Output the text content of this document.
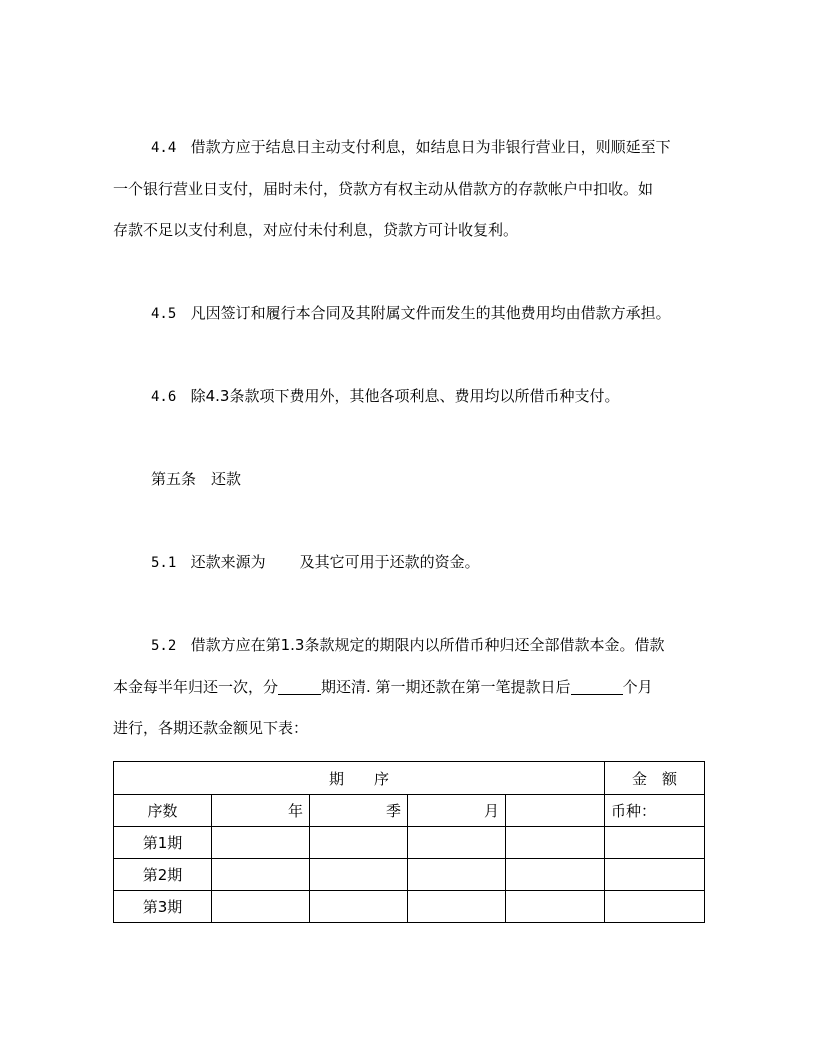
4.4 借款方应于结息日主动支付利息，如结息日为非银行营业日，则顺延至下
一个银行营业日支付，届时未付，贷款方有权主动从借款方的存款帐户中扣收。如
存款不足以支付利息，对应付未付利息，贷款方可计收复利。
4.5 凡因签订和履行本合同及其附属文件而发生的其他费用均由借款方承担。
4.6 除4.3条款项下费用外，其他各项利息、费用均以所借币种支付。
第五条　还款
5.1 还款来源为 及其它可用于还款的资金。
5.2 借款方应在第1.3条款规定的期限内以所借币种归还全部借款本金。借款
本金每半年归还一次，分	期还清. 第一期还款在第一笔提款日后	个月
进行，各期还款金额见下表：
期　　序					金　额
序数	年	季	月		币种：
第1期					
第2期					
第3期					
